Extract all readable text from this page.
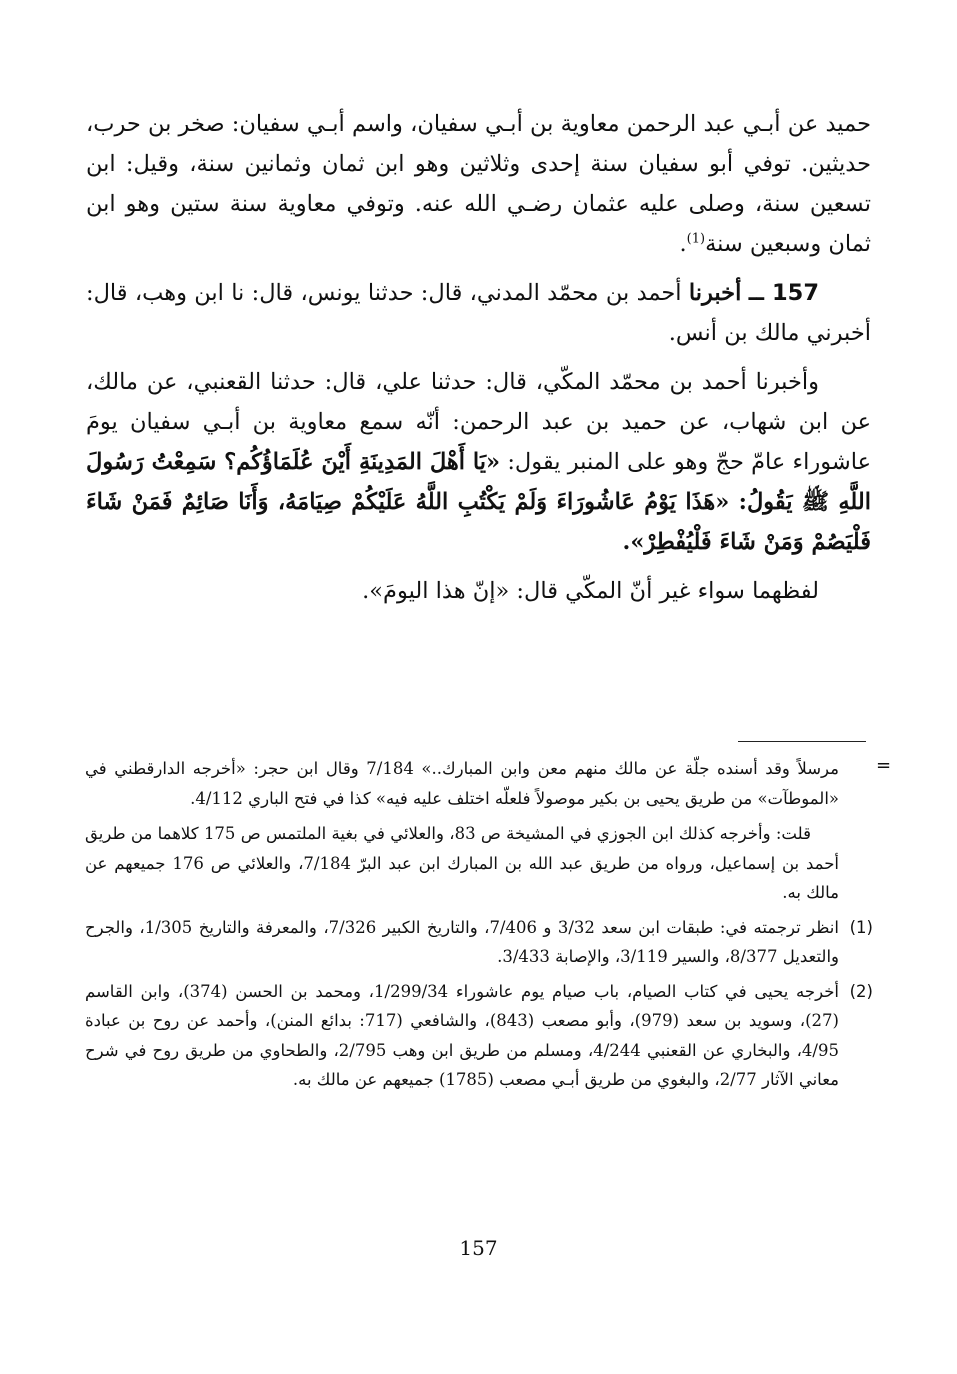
حميد عن أبـي عبد الرحمن معاوية بن أبـي سفيان، واسم أبـي سفيان: صخر بن حرب، حديثين. توفي أبو سفيان سنة إحدى وثلاثين وهو ابن ثمان وثمانين سنة، وقيل: ابن تسعين سنة، وصلى عليه عثمان رضـي الله عنه. وتوفي معاوية سنة ستين وهو ابن ثمان وسبعين سنة$^{(1)}$.

157 ــ أخبرنا أحمد بن محمّد المدني، قال: حدثنا يونس، قال: نا ابن وهب، قال: أخبرني مالك بن أنس.

وأخبرنا أحمد بن محمّد المكّي، قال: حدثنا علي، قال: حدثنا القعنبي، عن مالك، عن ابن شهاب، عن حميد بن عبد الرحمن: أنّه سمع معاوية بن أبـي سفيان يومَ عاشوراء عامّ حجّ وهو على المنبر يقول: «يَا أَهْلَ المَدِينَةِ أَيْنَ عُلَمَاؤُكُم؟ سَمِعْتُ رَسُولَ اللَّهِ ﷺ يَقُولُ: «هَذَا يَوْمُ عَاشُورَاءَ وَلَمْ يَكْتُبِ اللَّهُ عَلَيْكُمْ صِيَامَهُ، وَأَنَا صَائِمٌ فَمَنْ شَاءَ فَلْيَصُمْ وَمَنْ شَاءَ فَلْيُفْطِرْ».

لفظهما سواء غير أنّ المكّي قال: «إنّ هذا اليومَ».

=

مرسلاً وقد أسنده جلّة عن مالك منهم معن وابن المبارك..» 7/184 وقال ابن حجر: «أخرجه الدارقطني في «الموطآت» من طريق يحيى بن بكير موصولاً فلعلّه اختلف عليه فيه» كذا في فتح الباري 4/112.

قلت: وأخرجه كذلك ابن الجوزي في المشيخة ص 83، والعلائي في بغية الملتمس ص 175 كلاهما من طريق أحمد بن إسماعيل، ورواه من طريق عبد الله بن المبارك ابن عبد البرّ 7/184، والعلائي ص 176 جميعهم عن مالك به.

(1)

انظر ترجمته في: طبقات ابن سعد 3/32 و 7/406، والتاريخ الكبير 7/326، والمعرفة والتاريخ 1/305، والجرح والتعديل 8/377، والسير 3/119، والإصابة 3/433.

(2)

أخرجه يحيى في كتاب الصيام، باب صيام يوم عاشوراء 1/299/34، ومحمد بن الحسن (374)، وابن القاسم (27)، وسويد بن سعد (979)، وأبو مصعب (843)، والشافعي (717: بدائع المنن)، وأحمد عن روح بن عبادة 4/95، والبخاري عن القعنبي 4/244، ومسلم من طريق ابن وهب 2/795، والطحاوي من طريق روح في شرح معاني الآثار 2/77، والبغوي من طريق أبـي مصعب (1785) جميعهم عن مالك به.

157
